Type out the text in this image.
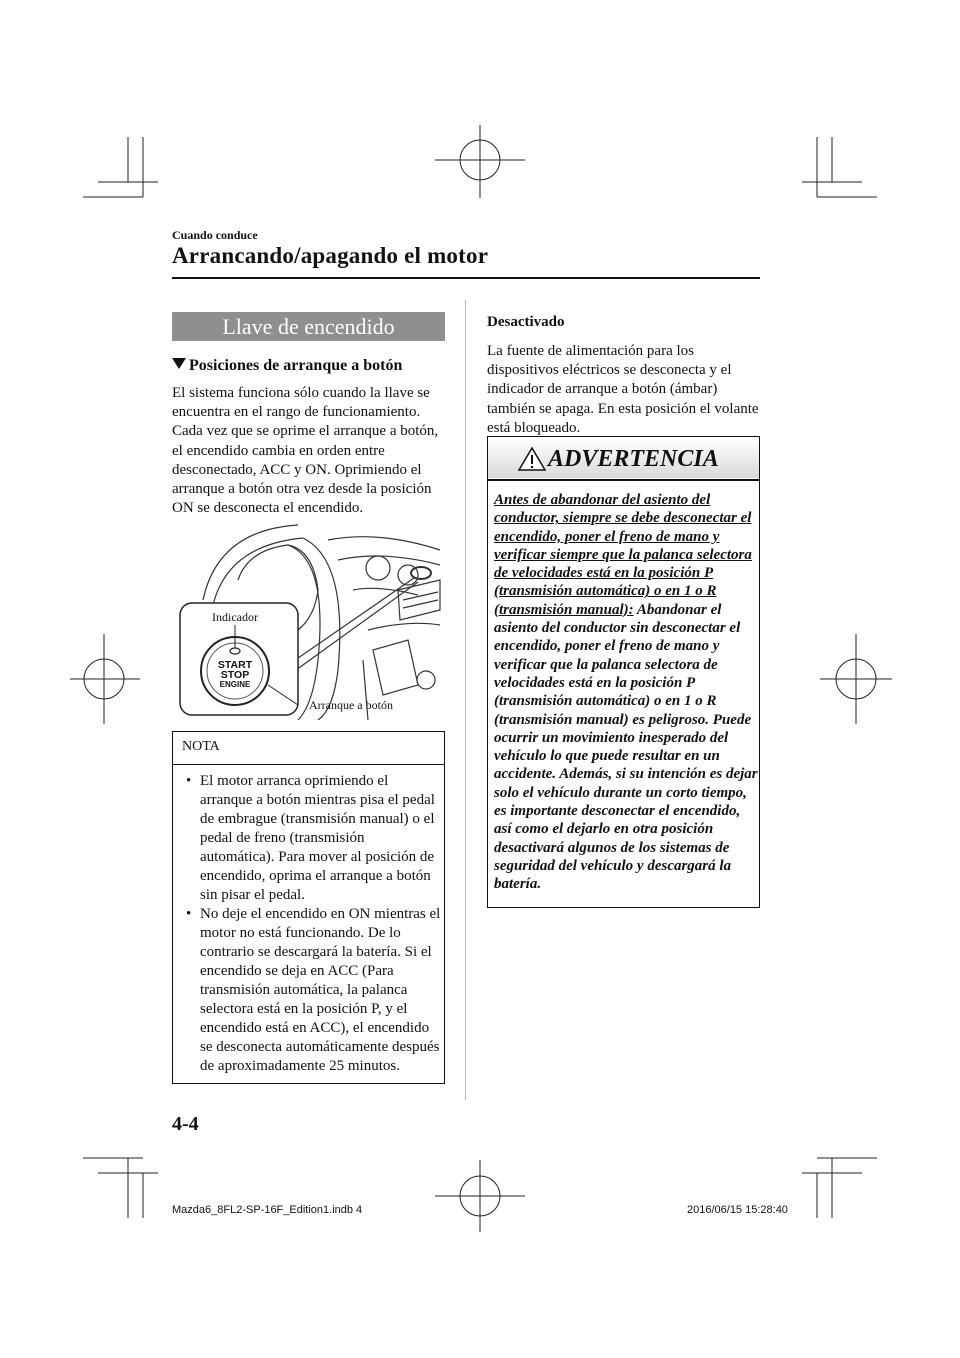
Cuando conduce
Arrancando/apagando el motor
Llave de encendido
Posiciones de arranque a botón
El sistema funciona sólo cuando la llave se encuentra en el rango de funcionamiento. Cada vez que se oprime el arranque a botón, el encendido cambia en orden entre desconectado, ACC y ON. Oprimiendo el arranque a botón otra vez desde la posición ON se desconecta el encendido.
Indicador
Arranque a botón
START
STOP
ENGINE
NOTA
• El motor arranca oprimiendo el arranque a botón mientras pisa el pedal de embrague (transmisión manual) o el pedal de freno (transmisión automática). Para mover al posición de encendido, oprima el arranque a botón sin pisar el pedal.
• No deje el encendido en ON mientras el motor no está funcionando. De lo contrario se descargará la batería. Si el encendido se deja en ACC (Para transmisión automática, la palanca selectora está en la posición P, y el encendido está en ACC), el encendido se desconecta automáticamente después de aproximadamente 25 minutos.
Desactivado
La fuente de alimentación para los dispositivos eléctricos se desconecta y el indicador de arranque a botón (ámbar) también se apaga. En esta posición el volante está bloqueado.
ADVERTENCIA
Antes de abandonar del asiento del conductor, siempre se debe desconectar el encendido, poner el freno de mano y verificar siempre que la palanca selectora de velocidades está en la posición P (transmisión automática) o en 1 o R (transmisión manual): Abandonar el asiento del conductor sin desconectar el encendido, poner el freno de mano y verificar que la palanca selectora de velocidades está en la posición P (transmisión automática) o en 1 o R (transmisión manual) es peligroso. Puede ocurrir un movimiento inesperado del vehículo lo que puede resultar en un accidente. Además, si su intención es dejar solo el vehículo durante un corto tiempo, es importante desconectar el encendido, así como el dejarlo en otra posición desactivará algunos de los sistemas de seguridad del vehículo y descargará la batería.
4-4
Mazda6_8FL2-SP-16F_Edition1.indb 4	2016/06/15 15:28:40
